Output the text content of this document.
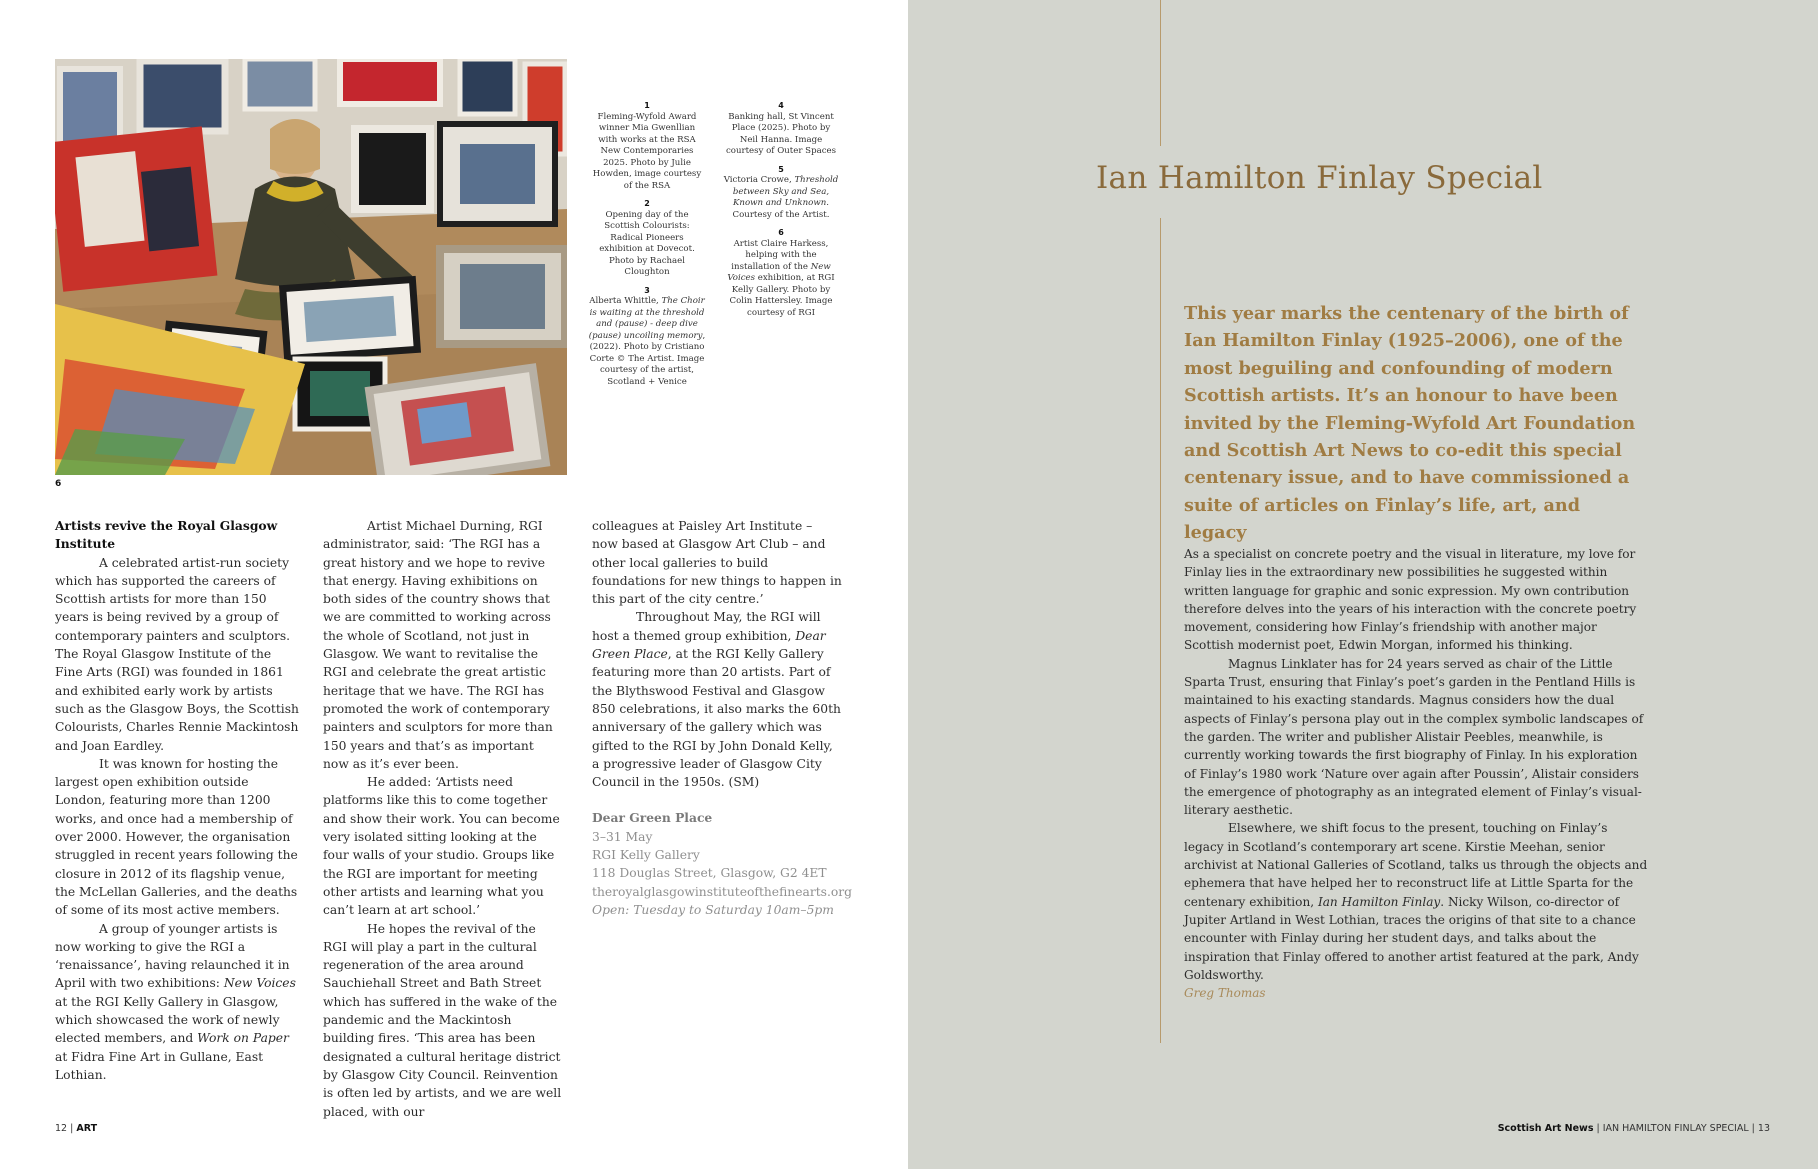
6
1
Fleming-Wyfold Award winner Mia Gwenllian with works at the RSA New Contemporaries 2025. Photo by Julie Howden, image courtesy of the RSA
2
Opening day of the Scottish Colourists: Radical Pioneers exhibition at Dovecot. Photo by Rachael Cloughton
3
Alberta Whittle, The Choir is waiting at the threshold and (pause) - deep dive (pause) uncoiling memory, (2022). Photo by Cristiano Corte © The Artist. Image courtesy of the artist, Scotland + Venice
4
Banking hall, St Vincent Place (2025). Photo by Neil Hanna. Image courtesy of Outer Spaces
5
Victoria Crowe, Threshold between Sky and Sea, Known and Unknown. Courtesy of the Artist.
6
Artist Claire Harkess, helping with the installation of the New Voices exhibition, at RGI Kelly Gallery. Photo by Colin Hattersley. Image courtesy of RGI

Artists revive the Royal Glasgow Institute

A celebrated artist-run society which has supported the careers of Scottish artists for more than 150 years is being revived by a group of contemporary painters and sculptors. The Royal Glasgow Institute of the Fine Arts (RGI) was founded in 1861 and exhibited early work by artists such as the Glasgow Boys, the Scottish Colourists, Charles Rennie Mackintosh and Joan Eardley.

It was known for hosting the largest open exhibition outside London, featuring more than 1200 works, and once had a membership of over 2000. However, the organisation struggled in recent years following the closure in 2012 of its flagship venue, the McLellan Galleries, and the deaths of some of its most active members.

A group of younger artists is now working to give the RGI a ‘renaissance’, having relaunched it in April with two exhibitions: New Voices at the RGI Kelly Gallery in Glasgow, which showcased the work of newly elected members, and Work on Paper at Fidra Fine Art in Gullane, East Lothian.

Artist Michael Durning, RGI administrator, said: ‘The RGI has a great history and we hope to revive that energy. Having exhibitions on both sides of the country shows that we are committed to working across the whole of Scotland, not just in Glasgow. We want to revitalise the RGI and celebrate the great artistic heritage that we have. The RGI has promoted the work of contemporary painters and sculptors for more than 150 years and that’s as important now as it’s ever been.

He added: ‘Artists need platforms like this to come together and show their work. You can become very isolated sitting looking at the four walls of your studio. Groups like the RGI are important for meeting other artists and learning what you can’t learn at art school.’

He hopes the revival of the RGI will play a part in the cultural regeneration of the area around Sauchiehall Street and Bath Street which has suffered in the wake of the pandemic and the Mackintosh building fires. ‘This area has been designated a cultural heritage district by Glasgow City Council. Reinvention is often led by artists, and we are well placed, with our

colleagues at Paisley Art Institute – now based at Glasgow Art Club – and other local galleries to build foundations for new things to happen in this part of the city centre.’

Throughout May, the RGI will host a themed group exhibition, Dear Green Place, at the RGI Kelly Gallery featuring more than 20 artists. Part of the Blythswood Festival and Glasgow 850 celebrations, it also marks the 60th anniversary of the gallery which was gifted to the RGI by John Donald Kelly, a progressive leader of Glasgow City Council in the 1950s. (SM)

Dear Green Place
3–31 May
RGI Kelly Gallery
118 Douglas Street, Glasgow, G2 4ET
theroyalglasgowinstituteofthefinearts.org
Open: Tuesday to Saturday 10am–5pm
12 | ART
Ian Hamilton Finlay Special

This year marks the centenary of the birth of Ian Hamilton Finlay (1925–2006), one of the most beguiling and confounding of modern Scottish artists. It’s an honour to have been invited by the Fleming-Wyfold Art Foundation and Scottish Art News to co-edit this special centenary issue, and to have commissioned a suite of articles on Finlay’s life, art, and legacy

As a specialist on concrete poetry and the visual in literature, my love for Finlay lies in the extraordinary new possibilities he suggested within written language for graphic and sonic expression. My own contribution therefore delves into the years of his interaction with the concrete poetry movement, considering how Finlay’s friendship with another major Scottish modernist poet, Edwin Morgan, informed his thinking.

Magnus Linklater has for 24 years served as chair of the Little Sparta Trust, ensuring that Finlay’s poet’s garden in the Pentland Hills is maintained to his exacting standards. Magnus considers how the dual aspects of Finlay’s persona play out in the complex symbolic landscapes of the garden. The writer and publisher Alistair Peebles, meanwhile, is currently working towards the first biography of Finlay. In his exploration of Finlay’s 1980 work ‘Nature over again after Poussin’, Alistair considers the emergence of photography as an integrated element of Finlay’s visual-literary aesthetic.

Elsewhere, we shift focus to the present, touching on Finlay’s legacy in Scotland’s contemporary art scene. Kirstie Meehan, senior archivist at National Galleries of Scotland, talks us through the objects and ephemera that have helped her to reconstruct life at Little Sparta for the centenary exhibition, Ian Hamilton Finlay. Nicky Wilson, co-director of Jupiter Artland in West Lothian, traces the origins of that site to a chance encounter with Finlay during her student days, and talks about the inspiration that Finlay offered to another artist featured at the park, Andy Goldsworthy.

Greg Thomas
Scottish Art News | IAN HAMILTON FINLAY SPECIAL | 13
